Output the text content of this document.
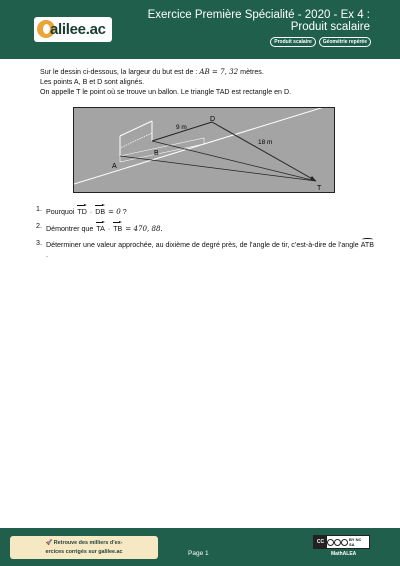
alilee.ac
Exercice Première Spécialité - 2020 - Ex 4 : Produit scalaire
Produit scalaire	Géométrie repérée

Sur le dessin ci-dessous, la largeur du but est de : AB = 7, 32 mètres.

Les points A, B et D sont alignés.

On appelle T le point où se trouve un ballon. Le triangle TAD est rectangle en D.

A
B
D
T
9 m
18 m
1. Pourquoi TD · DB = 0 ?
2. Démontrer que TA · TB = 470, 88.
3. Déterminer une valeur approchée, au dixième de degré près, de l’angle de tir, c’est-à-dire de l’angle ATB.
🚀 Retrouve des milliers d’ex-
ercices corrigés sur galilee.ac	Page 1
CC	BY NC SA
MathALEA
